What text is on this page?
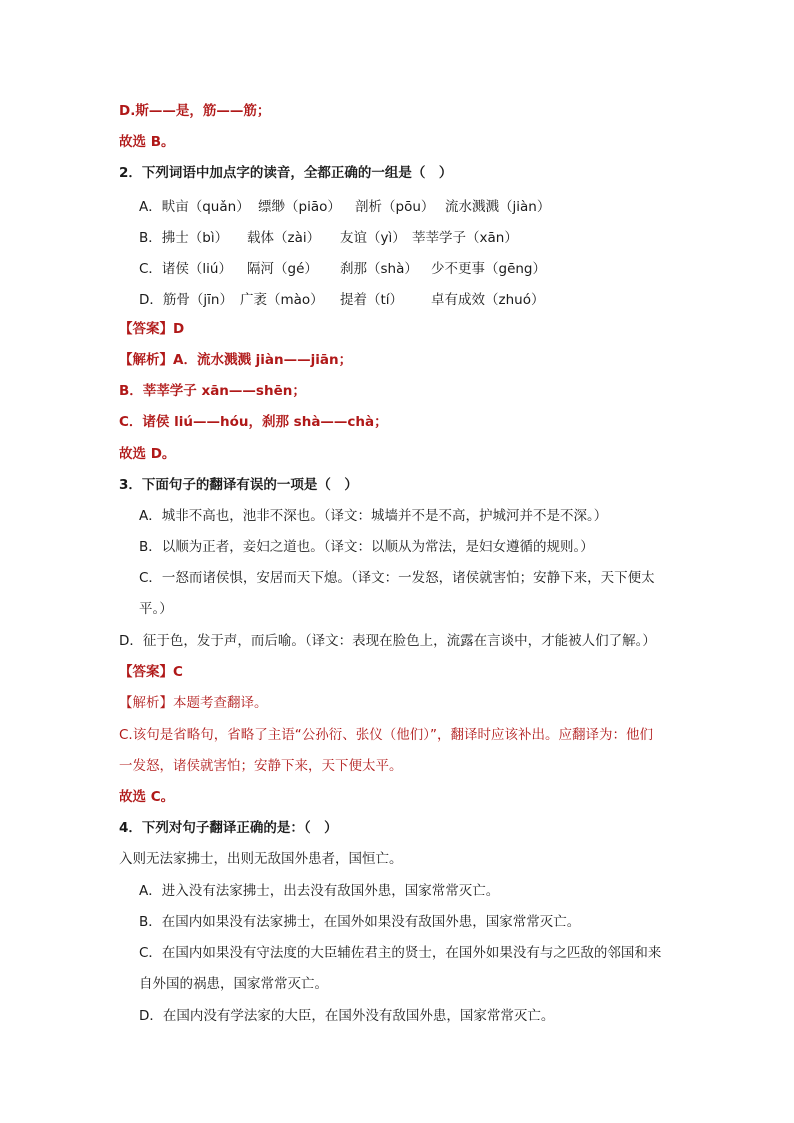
D.斯——是，筋——筋；
故选 B。
2．下列词语中加点字的读音，全都正确的一组是（　）
A．畎亩（quǎn） 缥缈（piāo） 剖析（pōu） 流水溅溅（jiàn）
B．拂士（bì） 载体（zài） 友谊（yì） 莘莘学子（xān）
C．诸侯（liú） 隔河（gé） 刹那（shà） 少不更事（gēng）
D．筋骨（jīn） 广袤（mào） 提着（tí） 卓有成效（zhuó）
【答案】D
【解析】A．流水溅溅 jiàn——jiān；
B．莘莘学子 xān——shēn；
C．诸侯 liú——hóu，刹那 shà——chà；
故选 D。
3．下面句子的翻译有误的一项是（　）
A．城非不高也，池非不深也。（译文：城墙并不是不高，护城河并不是不深。）
B．以顺为正者，妾妇之道也。（译文：以顺从为常法，是妇女遵循的规则。）
C．一怒而诸侯惧，安居而天下熄。（译文：一发怒，诸侯就害怕；安静下来，天下便太
平。）
D．征于色，发于声，而后喻。（译文：表现在脸色上，流露在言谈中，才能被人们了解。）
【答案】C
【解析】本题考查翻译。
C.该句是省略句，省略了主语“公孙衍、张仪（他们）”，翻译时应该补出。应翻译为：他们
一发怒，诸侯就害怕；安静下来，天下便太平。
故选 C。
4．下列对句子翻译正确的是：（　）
入则无法家拂士，出则无敌国外患者，国恒亡。
A．进入没有法家拂士，出去没有敌国外患，国家常常灭亡。
B．在国内如果没有法家拂士，在国外如果没有敌国外患，国家常常灭亡。
C．在国内如果没有守法度的大臣辅佐君主的贤士，在国外如果没有与之匹敌的邻国和来
自外国的祸患，国家常常灭亡。
D．在国内没有学法家的大臣，在国外没有敌国外患，国家常常灭亡。
